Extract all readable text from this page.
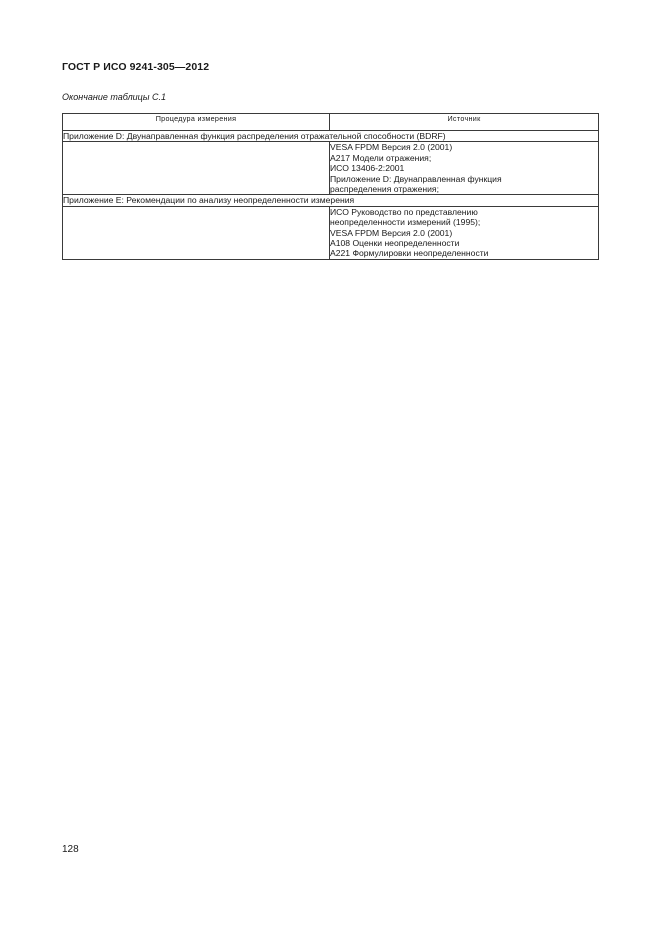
ГОСТ Р ИСО 9241-305—2012
Окончание таблицы С.1
Процедура измерения	Источник
Приложение D: Двунаправленная функция распределения отражательной способности (BDRF)	

	VESA FPDM Версия 2.0 (2001)
A217 Модели отражения;
ИСО 13406-2:2001
Приложение D: Двунаправленная функция
распределения отражения;

Приложение Е: Рекомендации по анализу неопределенности измерения	

	ИСО Руководство по представлению
неопределенности измерений (1995);
VESA FPDM Версия 2.0 (2001)
A108 Оценки неопределенности
A221 Формулировки неопределенности
128
